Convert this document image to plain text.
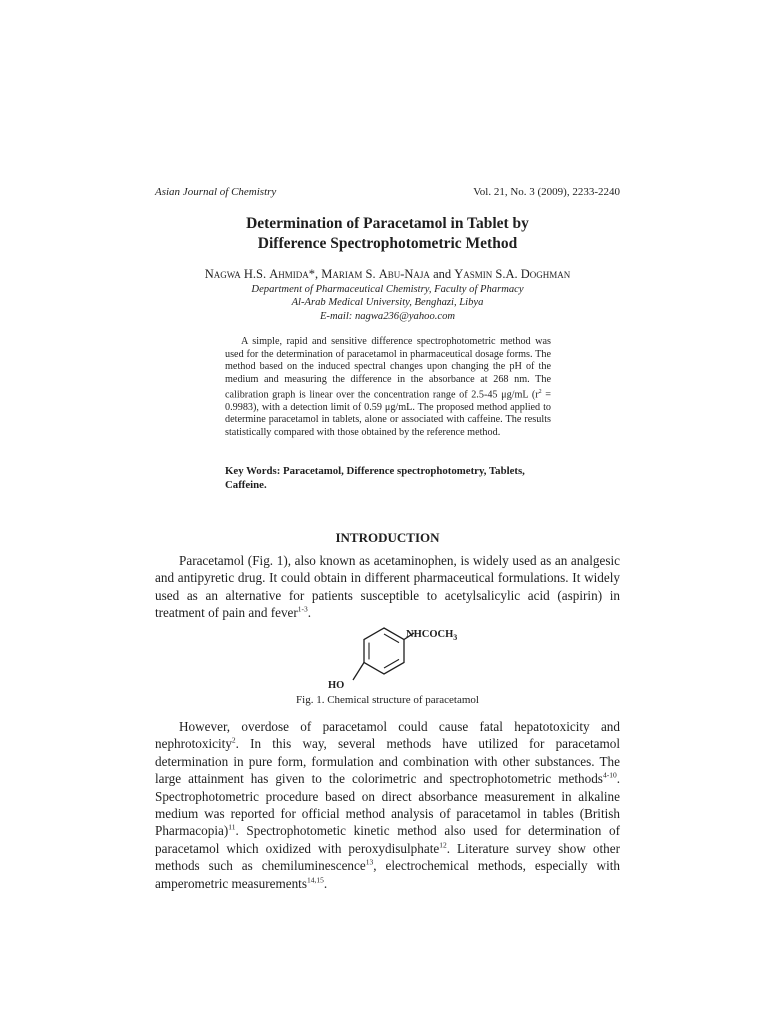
Asian Journal of Chemistry	Vol. 21, No. 3 (2009), 2233-2240
Determination of Paracetamol in Tablet by
Difference Spectrophotometric Method
Nagwa H.S. Ahmida*, Mariam S. Abu-Naja and Yasmin S.A. Doghman
Department of Pharmaceutical Chemistry, Faculty of Pharmacy
Al-Arab Medical University, Benghazi, Libya
E-mail: nagwa236@yahoo.com

A simple, rapid and sensitive difference spectrophotometric method was used for the determination of paracetamol in pharmaceutical dosage forms. The method based on the induced spectral changes upon changing the pH of the medium and measuring the difference in the absorbance at 268 nm. The calibration graph is linear over the concentration range of 2.5-45 μg/mL $(r^2 = 0.9983)$, with a detection limit of 0.59 μg/mL. The proposed method applied to determine paracetamol in tablets, alone or associated with caffeine. The results statistically compared with those obtained by the reference method.

Key Words: Paracetamol, Difference spectrophotometry, Tablets, Caffeine.

INTRODUCTION

Paracetamol (Fig. 1), also known as acetaminophen, is widely used as an analgesic and antipyretic drug. It could obtain in different pharmaceutical formulations. It widely used as an alternative for patients susceptible to acetylsalicylic acid (aspirin) in treatment of pain and fever$^{1-3}$.

$NHCOCH_3$
HO
Fig. 1. Chemical structure of paracetamol

However, overdose of paracetamol could cause fatal hepatotoxicity and nephrotoxicity$^2$. In this way, several methods have utilized for paracetamol determination in pure form, formulation and combination with other substances. The large attainment has given to the colorimetric and spectrophotometric methods$^{4-10}$. Spectrophotometric procedure based on direct absorbance measurement in alkaline medium was reported for official method analysis of paracetamol in tables (British Pharmacopia)$^{11}$. Spectrophotometic kinetic method also used for determination of paracetamol which oxidized with peroxydisulphate$^{12}$. Literature survey show other methods such as chemiluminescence$^{13}$, electrochemical methods, especially with amperometric measurements$^{14,15}$.
